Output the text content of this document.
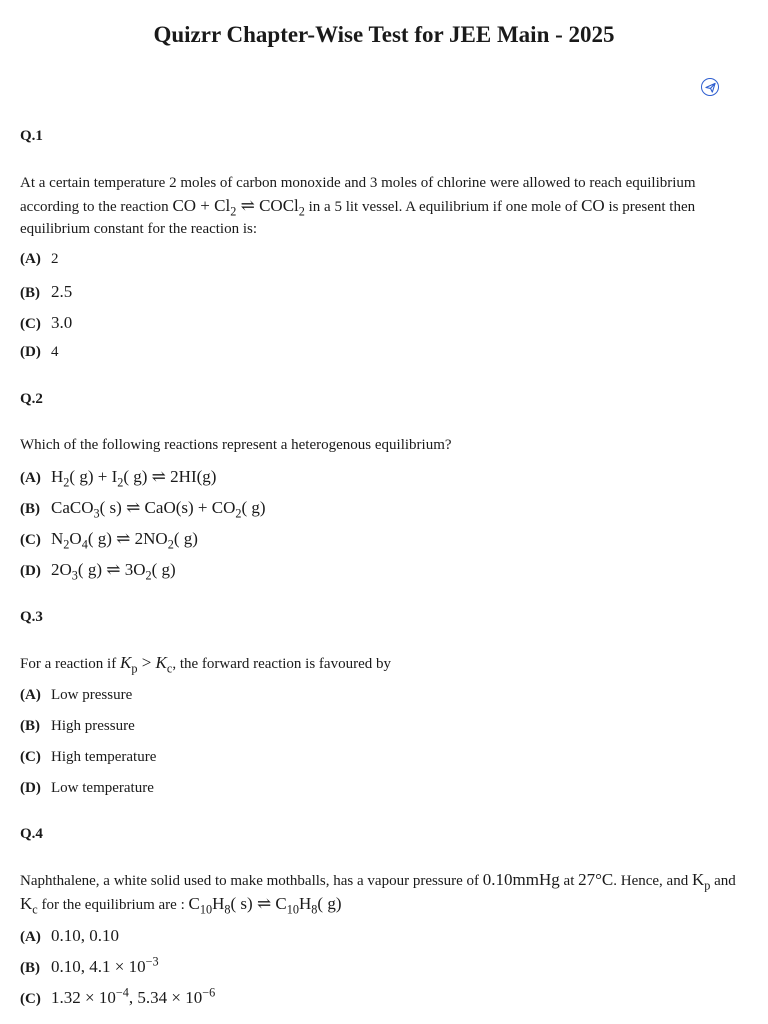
Quizrr Chapter-Wise Test for JEE Main - 2025
Q.1
At a certain temperature 2 moles of carbon monoxide and 3 moles of chlorine were allowed to reach equilibrium according to the reaction CO + $Cl_2$ ⇌ COCl$_2$ in a 5 lit vessel. A equilibrium if one mole of CO is present then equilibrium constant for the reaction is:
(A) 2
(B) 2.5
(C) 3.0
(D) 4
Q.2
Which of the following reactions represent a heterogenous equilibrium?
(A) $H_2$( $g) + I_2$( g) ⇌ 2HI(g)
(B) CaCO$_3$( s) ⇌ $CaO(s) + CO_2$( g)
(C) $N_2O_4$( g) ⇌ $2NO_2$( g)
(D) $2O_3$( g) ⇌ $3O_2$( g)
Q.3
For a reaction if $K_p > K_c$, the forward reaction is favoured by
(A) Low pressure
(B) High pressure
(C) High temperature
(D) Low temperature
Q.4
Naphthalene, a white solid used to make mothballs, has a vapour pressure of 0.10mmHg at 27°C. Hence, and $K_p$ and $K_c$ for the equilibrium are : $C_{10}H_8$( s) ⇌ $C_{10}H_8$( g)
(A) 0.10, 0.10
(B) 0.10, $4.1 \times 10^{-3}$
(C) $1.32 \times 10^{-4}$, $5.34 \times 10^{-6}$
